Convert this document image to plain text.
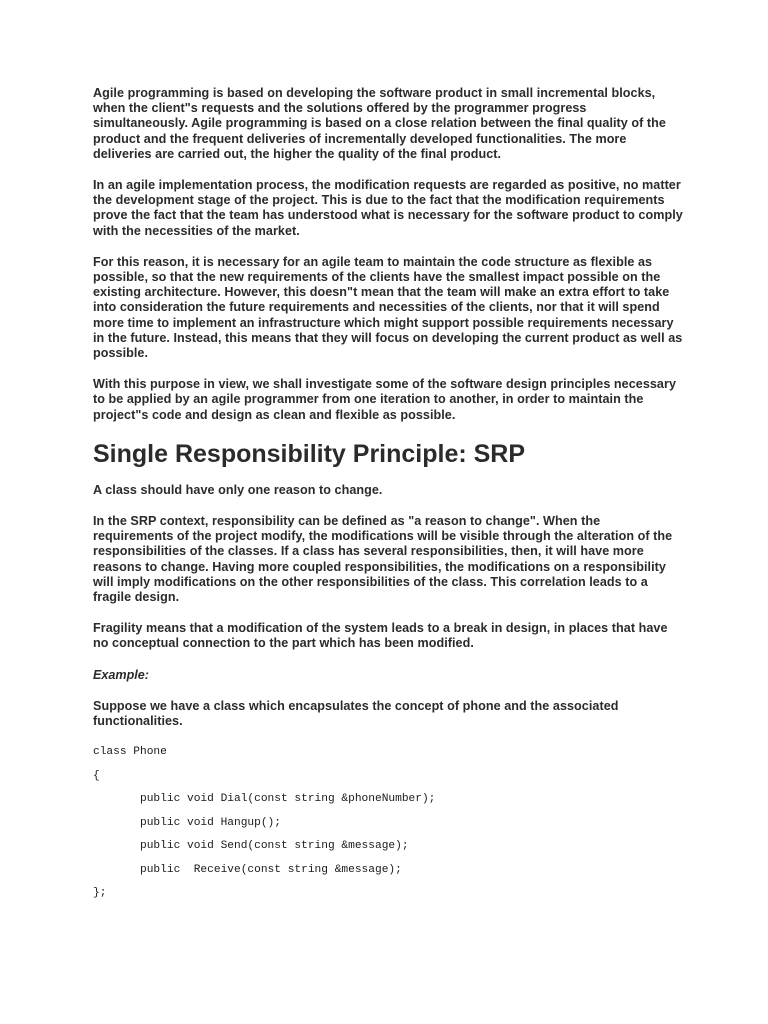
Agile programming is based on developing the software product in small incremental blocks, when the client"s requests and the solutions offered by the programmer progress simultaneously. Agile programming is based on a close relation between the final quality of the product and the frequent deliveries of incrementally developed functionalities. The more deliveries are carried out, the higher the quality of the final product.

In an agile implementation process, the modification requests are regarded as positive, no matter the development stage of the project. This is due to the fact that the modification requirements prove the fact that the team has understood what is necessary for the software product to comply with the necessities of the market.

For this reason, it is necessary for an agile team to maintain the code structure as flexible as possible, so that the new requirements of the clients have the smallest impact possible on the existing architecture. However, this doesn"t mean that the team will make an extra effort to take into consideration the future requirements and necessities of the clients, nor that it will spend more time to implement an infrastructure which might support possible requirements necessary in the future. Instead, this means that they will focus on developing the current product as well as possible.

With this purpose in view, we shall investigate some of the software design principles necessary to be applied by an agile programmer from one iteration to another, in order to maintain the project"s code and design as clean and flexible as possible.

Single Responsibility Principle: SRP

A class should have only one reason to change.

In the SRP context, responsibility can be defined as "a reason to change". When the requirements of the project modify, the modifications will be visible through the alteration of the responsibilities of the classes. If a class has several responsibilities, then, it will have more reasons to change. Having more coupled responsibilities, the modifications on a responsibility will imply modifications on the other responsibilities of the class. This correlation leads to a fragile design.

Fragility means that a modification of the system leads to a break in design, in places that have no conceptual connection to the part which has been modified.

Example:

Suppose we have a class which encapsulates the concept of phone and the associated functionalities.

class Phone
{
public void Dial(const string &phoneNumber);
public void Hangup();
public void Send(const string &message);
public  Receive(const string &message);
};
